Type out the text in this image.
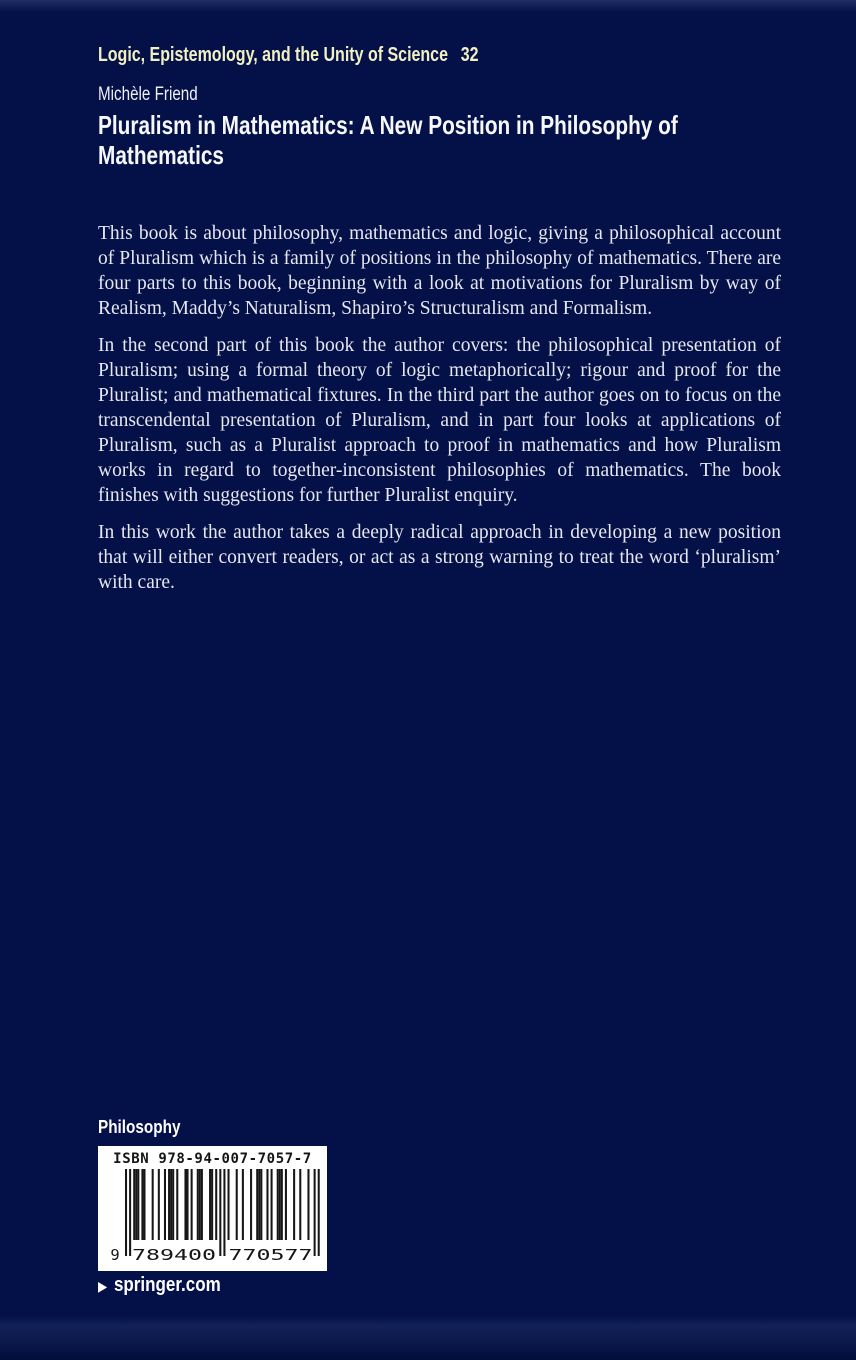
Logic, Epistemology, and the Unity of Science 32
Michèle Friend
Pluralism in Mathematics: A New Position in Philosophy of Mathematics

This book is about philosophy, mathematics and logic, giving a philosophical account of Pluralism which is a family of positions in the philosophy of mathematics. There are four parts to this book, beginning with a look at motivations for Pluralism by way of Realism, Maddy’s Naturalism, Shapiro’s Structuralism and Formalism.

In the second part of this book the author covers: the philosophical presentation of Pluralism; using a formal theory of logic metaphorically; rigour and proof for the Pluralist; and mathematical fixtures. In the third part the author goes on to focus on the transcendental presentation of Pluralism, and in part four looks at applications of Pluralism, such as a Pluralist approach to proof in mathematics and how Pluralism works in regard to together-inconsistent philosophies of mathematics. The book finishes with suggestions for further Pluralist enquiry.

In this work the author takes a deeply radical approach in developing a new position that will either convert readers, or act as a strong warning to treat the word ‘pluralism’ with care.

Philosophy
ISBN 978-94-007-7057-7
9 789400 770577
▶ springer.com
